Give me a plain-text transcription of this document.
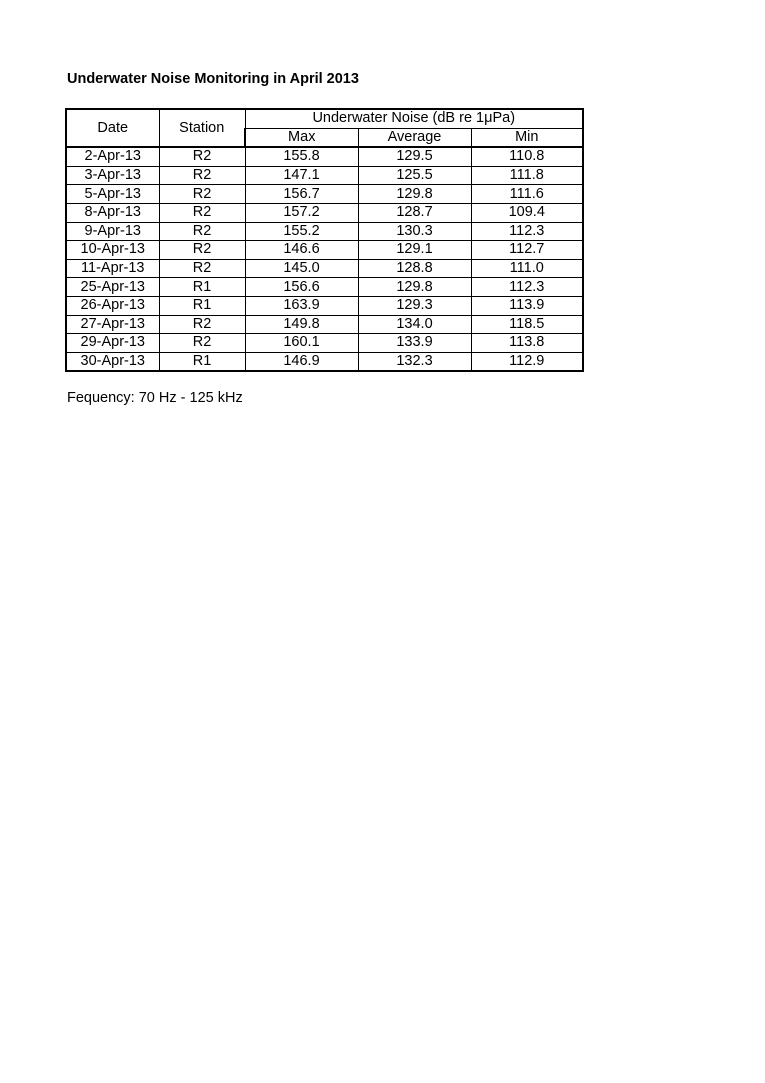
Underwater Noise Monitoring in April 2013
Date	Station	Underwater Noise (dB re 1μPa)		
		Max	Average	Min
2-Apr-13	R2	155.8	129.5	110.8
3-Apr-13	R2	147.1	125.5	111.8
5-Apr-13	R2	156.7	129.8	111.6
8-Apr-13	R2	157.2	128.7	109.4
9-Apr-13	R2	155.2	130.3	112.3
10-Apr-13	R2	146.6	129.1	112.7
11-Apr-13	R2	145.0	128.8	111.0
25-Apr-13	R1	156.6	129.8	112.3
26-Apr-13	R1	163.9	129.3	113.9
27-Apr-13	R2	149.8	134.0	118.5
29-Apr-13	R2	160.1	133.9	113.8
30-Apr-13	R1	146.9	132.3	112.9
Fequency: 70 Hz - 125 kHz
